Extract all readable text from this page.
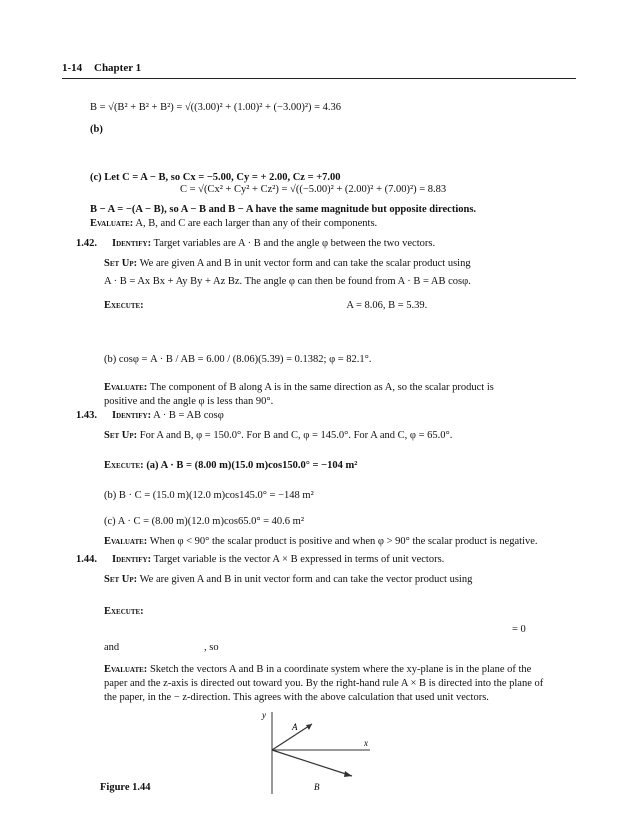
1-14 Chapter 1
B = √(B² + B² + B²) = √((3.00)² + (1.00)² + (−3.00)²) = 4.36
(b)
(c) Let C = A − B, so Cx = −5.00, Cy = + 2.00, Cz = +7.00
C = √(Cx² + Cy² + Cz²) = √((−5.00)² + (2.00)² + (7.00)²) = 8.83
B − A = −(A − B), so A − B and B − A have the same magnitude but opposite directions.
Evaluate: A, B, and C are each larger than any of their components.
1.42. Identify: Target variables are A · B and the angle φ between the two vectors.
Set Up: We are given A and B in unit vector form and can take the scalar product using
A · B = Ax Bx + Ay By + Az Bz. The angle φ can then be found from A · B = AB cosφ.
Execute:	A = 8.06, B = 5.39.
(b) cosφ = A · B / AB = 6.00 / (8.06)(5.39) = 0.1382; φ = 82.1°.
Evaluate: The component of B along A is in the same direction as A, so the scalar product is
positive and the angle φ is less than 90°.
1.43. Identify: A · B = AB cosφ
Set Up: For A and B, φ = 150.0°. For B and C, φ = 145.0°. For A and C, φ = 65.0°.
Execute: (a) A · B = (8.00 m)(15.0 m)cos150.0° = −104 m²
(b) B · C = (15.0 m)(12.0 m)cos145.0° = −148 m²
(c) A · C = (8.00 m)(12.0 m)cos65.0° = 40.6 m²
Evaluate: When φ < 90° the scalar product is positive and when φ > 90° the scalar product is negative.
1.44. Identify: Target variable is the vector A × B expressed in terms of unit vectors.
Set Up: We are given A and B in unit vector form and can take the vector product using
Execute:
= 0
and	, so
Evaluate: Sketch the vectors A and B in a coordinate system where the xy-plane is in the plane of the
paper and the z-axis is directed out toward you. By the right-hand rule A × B is directed into the plane of
the paper, in the − z-direction. This agrees with the above calculation that used unit vectors.
y
x
A
B
Figure 1.44
